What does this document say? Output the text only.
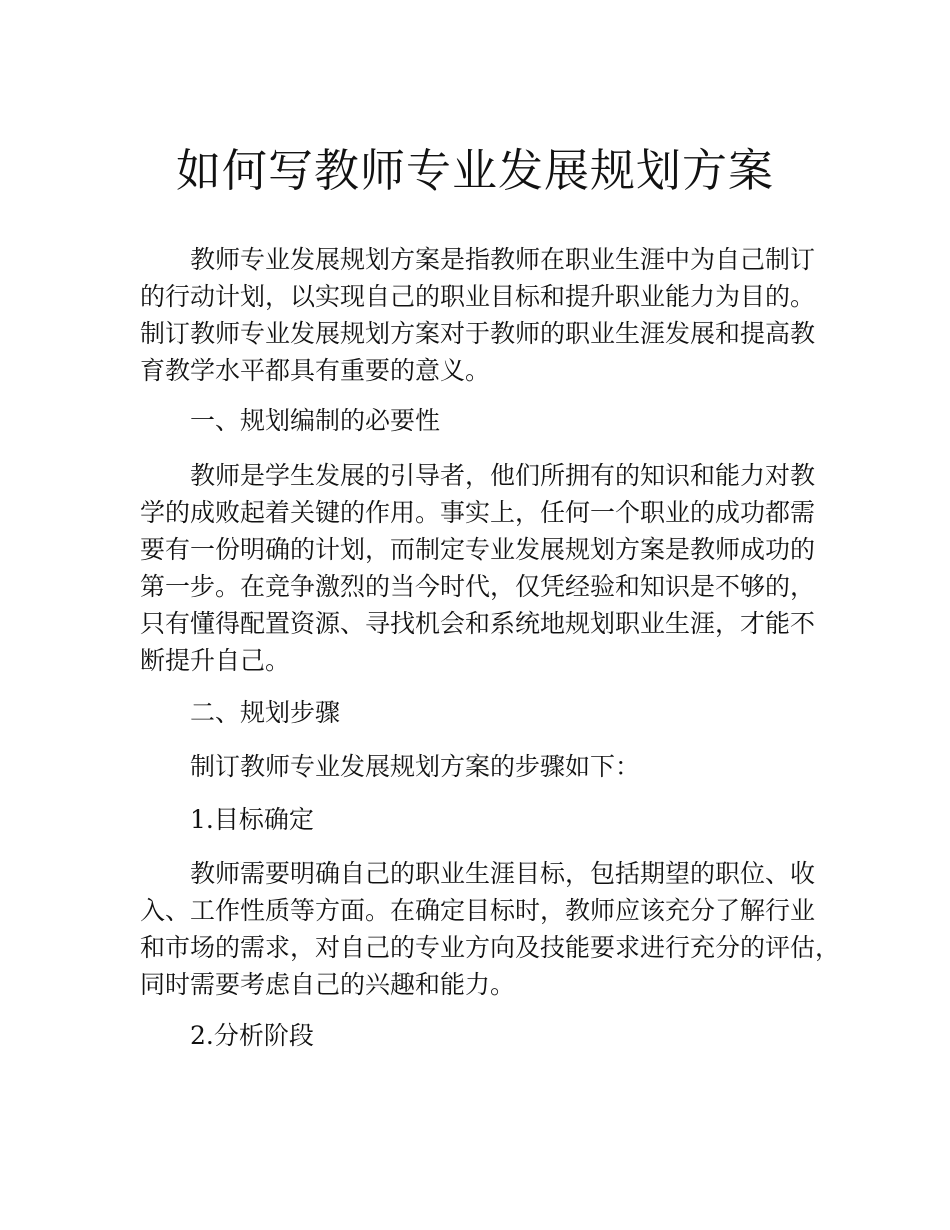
如何写教师专业发展规划方案

教师专业发展规划方案是指教师在职业生涯中为自己制订
的行动计划，以实现自己的职业目标和提升职业能力为目的。
制订教师专业发展规划方案对于教师的职业生涯发展和提高教
育教学水平都具有重要的意义。

一、规划编制的必要性

教师是学生发展的引导者，他们所拥有的知识和能力对教
学的成败起着关键的作用。事实上，任何一个职业的成功都需
要有一份明确的计划，而制定专业发展规划方案是教师成功的
第一步。在竞争激烈的当今时代，仅凭经验和知识是不够的，
只有懂得配置资源、寻找机会和系统地规划职业生涯，才能不
断提升自己。

二、规划步骤

制订教师专业发展规划方案的步骤如下：

1.目标确定

教师需要明确自己的职业生涯目标，包括期望的职位、收
入、工作性质等方面。在确定目标时，教师应该充分了解行业
和市场的需求，对自己的专业方向及技能要求进行充分的评估，
同时需要考虑自己的兴趣和能力。

2.分析阶段
